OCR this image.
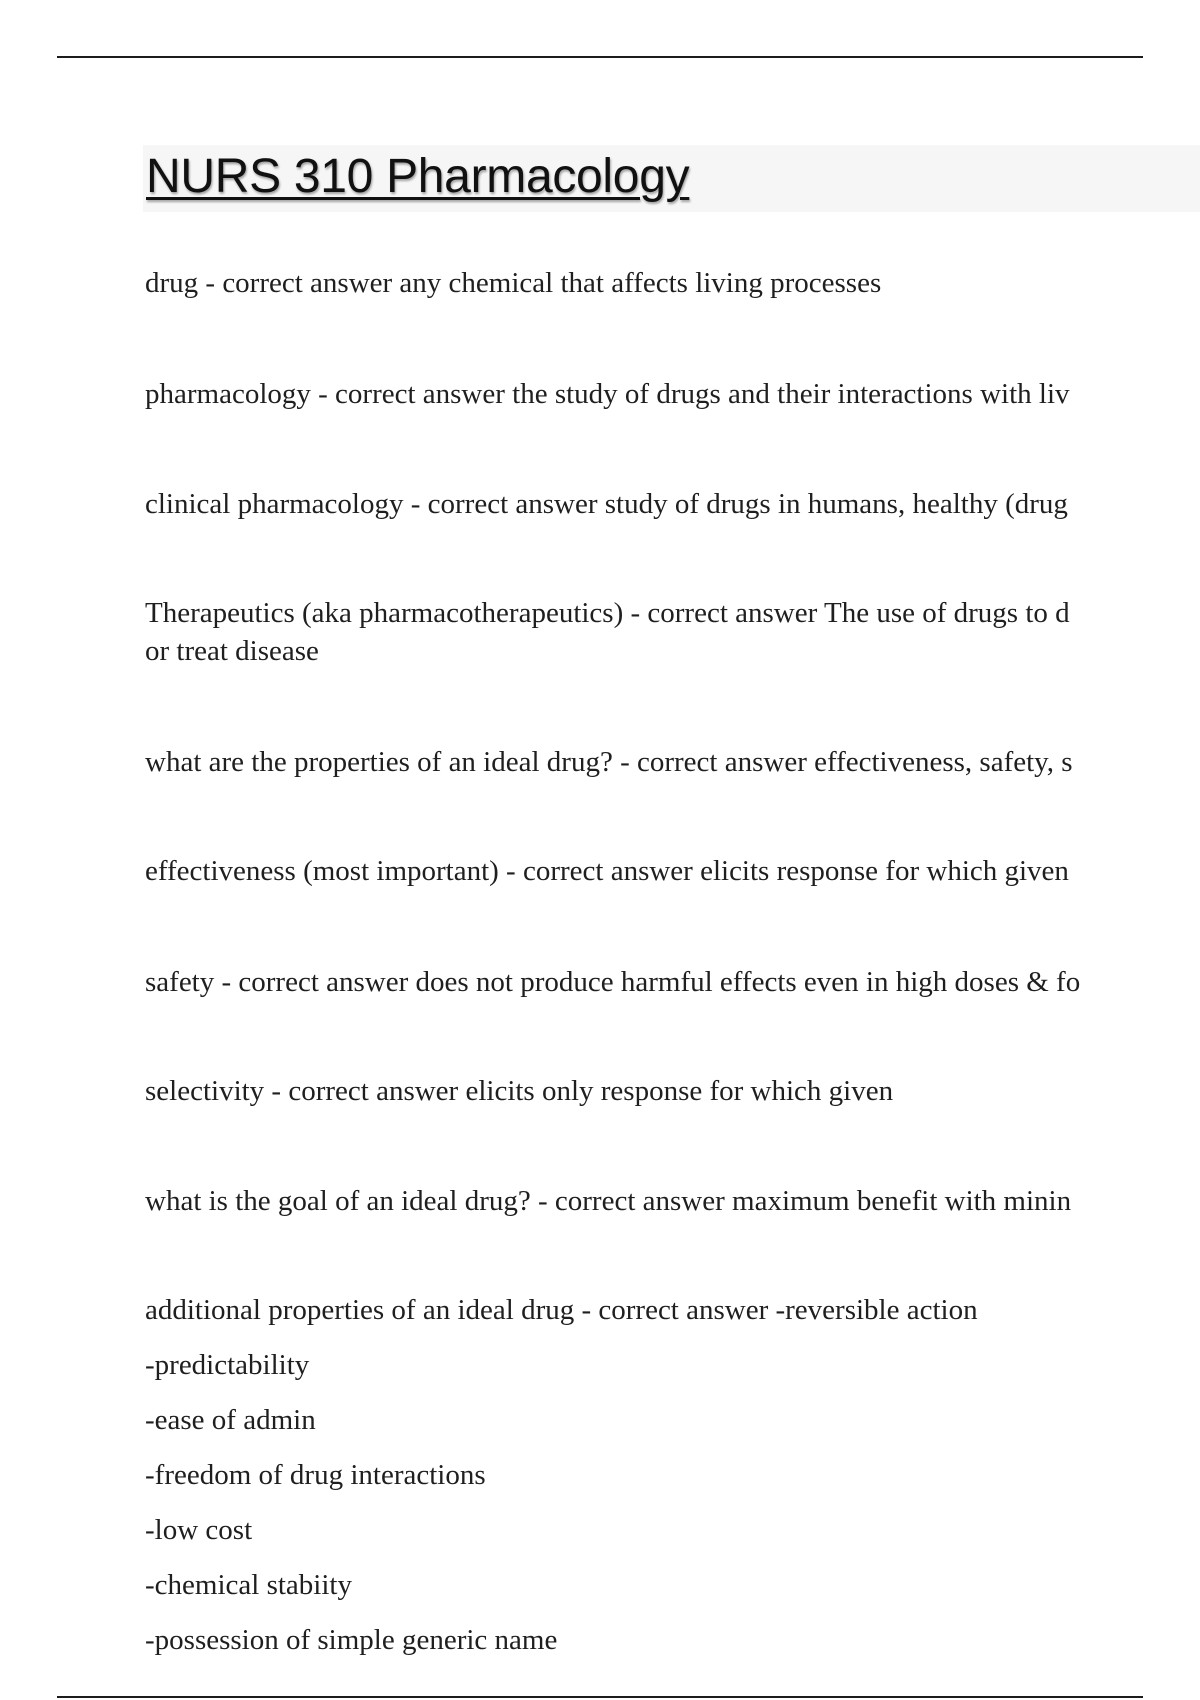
NURS 310 Pharmacology
drug - correct answer any chemical that affects living processes
pharmacology - correct answer the study of drugs and their interactions with liv
clinical pharmacology - correct answer study of drugs in humans, healthy (drug
Therapeutics (aka pharmacotherapeutics) - correct answer The use of drugs to d
or treat disease
what are the properties of an ideal drug? - correct answer effectiveness, safety, s
effectiveness (most important) - correct answer elicits response for which given
safety - correct answer does not produce harmful effects even in high doses & fo
selectivity - correct answer elicits only response for which given
what is the goal of an ideal drug? - correct answer maximum benefit with minin
additional properties of an ideal drug - correct answer -reversible action
-predictability
-ease of admin
-freedom of drug interactions
-low cost
-chemical stabiity
-possession of simple generic name
